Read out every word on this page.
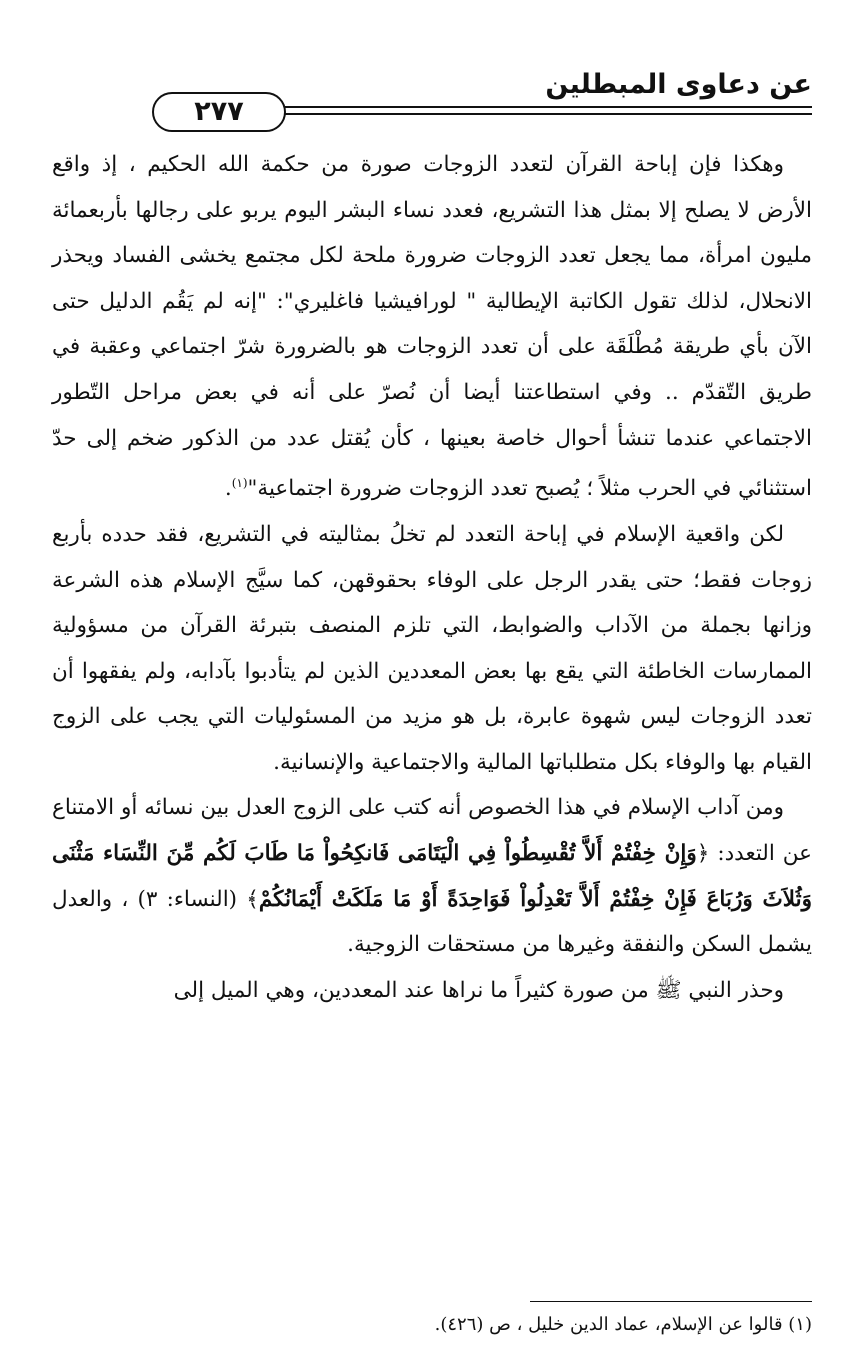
عن دعاوى المبطلين
٢٧٧

وهكذا فإن إباحة القرآن لتعدد الزوجات صورة من حكمة الله الحكيم ، إذ واقع الأرض لا يصلح إلا بمثل هذا التشريع، فعدد نساء البشر اليوم يربو على رجالها بأربعمائة مليون امرأة، مما يجعل تعدد الزوجات ضرورة ملحة لكل مجتمع يخشى الفساد ويحذر الانحلال، لذلك تقول الكاتبة الإيطالية " لورافيشيا فاغليري": "إنه لم يَقُم الدليل حتى الآن بأي طريقة مُطْلَقَة على أن تعدد الزوجات هو بالضرورة شرّ اجتماعي وعقبة في طريق التّقدّم .. وفي استطاعتنا أيضا أن نُصرّ على أنه في بعض مراحل التّطور الاجتماعي عندما تنشأ أحوال خاصة بعينها ، كأن يُقتل عدد من الذكور ضخم إلى حدّ استثنائي في الحرب مثلاً ؛ يُصبح تعدد الزوجات ضرورة اجتماعية"$^{(١)}$.

لكن واقعية الإسلام في إباحة التعدد لم تخلُ بمثاليته في التشريع، فقد حدده بأربع زوجات فقط؛ حتى يقدر الرجل على الوفاء بحقوقهن، كما سيَّج الإسلام هذه الشرعة وزانها بجملة من الآداب والضوابط، التي تلزم المنصف بتبرئة القرآن من مسؤولية الممارسات الخاطئة التي يقع بها بعض المعددين الذين لم يتأدبوا بآدابه، ولم يفقهوا أن تعدد الزوجات ليس شهوة عابرة، بل هو مزيد من المسئوليات التي يجب على الزوج القيام بها والوفاء بكل متطلباتها المالية والاجتماعية والإنسانية.

ومن آداب الإسلام في هذا الخصوص أنه كتب على الزوج العدل بين نسائه أو الامتناع عن التعدد: ﴿وَإِنْ خِفْتُمْ أَلاَّ تُقْسِطُواْ فِي الْيَتَامَى فَانكِحُواْ مَا طَابَ لَكُم مِّنَ النِّسَاء مَثْنَى وَثُلاَثَ وَرُبَاعَ فَإِنْ خِفْتُمْ أَلاَّ تَعْدِلُواْ فَوَاحِدَةً أَوْ مَا مَلَكَتْ أَيْمَانُكُمْ﴾ (النساء: ٣) ، والعدل يشمل السكن والنفقة وغيرها من مستحقات الزوجية.

وحذر النبي ﷺ من صورة كثيراً ما نراها عند المعددين، وهي الميل إلى

(١) قالوا عن الإسلام، عماد الدين خليل ، ص (٤٢٦).
